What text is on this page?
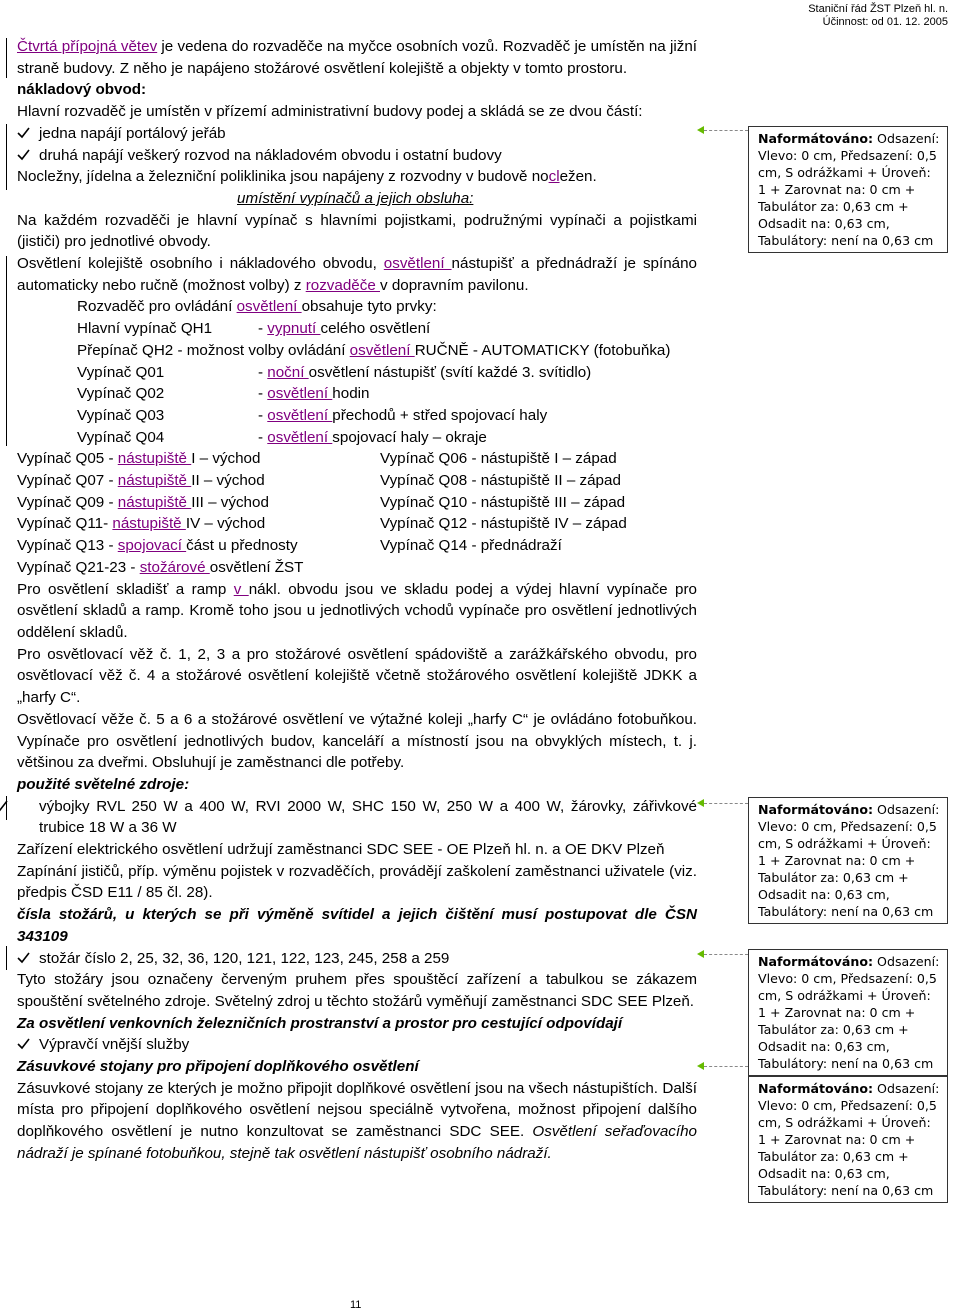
Staniční řád ŽST Plzeň hl. n.
Účinnost: od 01. 12. 2005
Naformátováno: Odsazení: Vlevo: 0 cm, Předsazení: 0,5 cm, S odrážkami + Úroveň: 1 + Zarovnat na: 0 cm + Tabulátor za: 0,63 cm + Odsadit na: 0,63 cm, Tabulátory: není na 0,63 cm
Naformátováno: Odsazení: Vlevo: 0 cm, Předsazení: 0,5 cm, S odrážkami + Úroveň: 1 + Zarovnat na: 0 cm + Tabulátor za: 0,63 cm + Odsadit na: 0,63 cm, Tabulátory: není na 0,63 cm
Naformátováno: Odsazení: Vlevo: 0 cm, Předsazení: 0,5 cm, S odrážkami + Úroveň: 1 + Zarovnat na: 0 cm + Tabulátor za: 0,63 cm + Odsadit na: 0,63 cm, Tabulátory: není na 0,63 cm
Naformátováno: Odsazení: Vlevo: 0 cm, Předsazení: 0,5 cm, S odrážkami + Úroveň: 1 + Zarovnat na: 0 cm + Tabulátor za: 0,63 cm + Odsadit na: 0,63 cm, Tabulátory: není na 0,63 cm

Čtvrtá přípojná větev je vedena do rozvaděče na myčce osobních vozů. Rozvaděč je umístěn na jižní straně budovy. Z něho je napájeno stožárové osvětlení kolejiště a objekty v tomto prostoru.

nákladový obvod:

Hlavní rozvaděč je umístěn v přízemí administrativní budovy podej a skládá se ze dvou částí:

jedna napájí portálový jeřáb

druhá napájí veškerý rozvod na nákladovém obvodu i ostatní budovy

Nocležny, jídelna a železniční poliklinika jsou napájeny z rozvodny v budově nocležen.

umístění vypínačů a jejich obsluha:

Na každém rozvaděči je hlavní vypínač s hlavními pojistkami, podružnými vypínači a pojistkami (jističi) pro jednotlivé obvody.

Osvětlení kolejiště osobního i nákladového obvodu, osvětlení nástupišť a přednádraží je spínáno automaticky nebo ručně (možnost volby) z rozvaděče v dopravním pavilonu.

Rozvaděč pro ovládání osvětlení obsahuje tyto prvky:

Hlavní vypínač QH1	- vypnutí celého osvětlení

Přepínač QH2 - možnost volby ovládání osvětlení RUČNĚ - AUTOMATICKY (fotobuňka)

Vypínač Q01	- noční osvětlení nástupišť (svítí každé 3. svítidlo)
Vypínač Q02	- osvětlení hodin
Vypínač Q03	- osvětlení přechodů + střed spojovací haly
Vypínač Q04	- osvětlení spojovací haly – okraje
Vypínač Q05 - nástupiště I – východ	Vypínač Q06 - nástupiště I – západ
Vypínač Q07 - nástupiště II – východ	Vypínač Q08 - nástupiště II – západ
Vypínač Q09 - nástupiště III – východ	Vypínač Q10 - nástupiště III – západ
Vypínač Q11- nástupiště IV – východ	Vypínač Q12 - nástupiště IV – západ
Vypínač Q13 - spojovací část u přednosty	Vypínač Q14 - přednádraží

Vypínač Q21-23 - stožárové osvětlení ŽST

Pro osvětlení skladišť a ramp v nákl. obvodu jsou ve skladu podej a výdej hlavní vypínače pro osvětlení skladů a ramp. Kromě toho jsou u jednotlivých vchodů vypínače pro osvětlení jednotlivých oddělení skladů.

Pro osvětlovací věž č. 1, 2, 3 a pro stožárové osvětlení spádoviště a zarážkářského obvodu, pro osvětlovací věž č. 4 a stožárové osvětlení kolejiště včetně stožárového osvětlení kolejiště JDKK a „harfy C“.

Osvětlovací věže č. 5 a 6 a stožárové osvětlení ve výtažné koleji „harfy C“ je ovládáno fotobuňkou. Vypínače pro osvětlení jednotlivých budov, kanceláří a místností jsou na obvyklých místech, t. j. většinou za dveřmi. Obsluhují je zaměstnanci dle potřeby.

použité světelné zdroje:

výbojky RVL 250 W a 400 W, RVI 2000 W, SHC 150 W, 250 W a 400 W, žárovky, zářivkové trubice 18 W a 36 W

Zařízení elektrického osvětlení udržují zaměstnanci SDC SEE - OE Plzeň hl. n. a OE DKV Plzeň

Zapínání jističů, příp. výměnu pojistek v rozvaděčích, provádějí zaškolení zaměstnanci uživatele (viz. předpis ČSD E11 / 85 čl. 28).

čísla stožárů, u kterých se při výměně svítidel a jejich čištění musí postupovat dle ČSN 343109

stožár číslo 2, 25, 32, 36, 120, 121, 122, 123, 245, 258 a 259

Tyto stožáry jsou označeny červeným pruhem přes spouštěcí zařízení a tabulkou se zákazem spouštění světelného zdroje. Světelný zdroj u těchto stožárů vyměňují zaměstnanci SDC SEE Plzeň.

Za osvětlení venkovních železničních prostranství a prostor pro cestující odpovídají

Výpravčí vnější služby

Zásuvkové stojany pro připojení doplňkového osvětlení

Zásuvkové stojany ze kterých je možno připojit doplňkové osvětlení jsou na všech nástupištích. Další místa pro připojení doplňkového osvětlení nejsou speciálně vytvořena, možnost připojení dalšího doplňkového osvětlení je nutno konzultovat se zaměstnanci SDC SEE. Osvětlení seřaďovacího nádraží je spínané fotobuňkou, stejně tak osvětlení nástupišť osobního nádraží.

11
